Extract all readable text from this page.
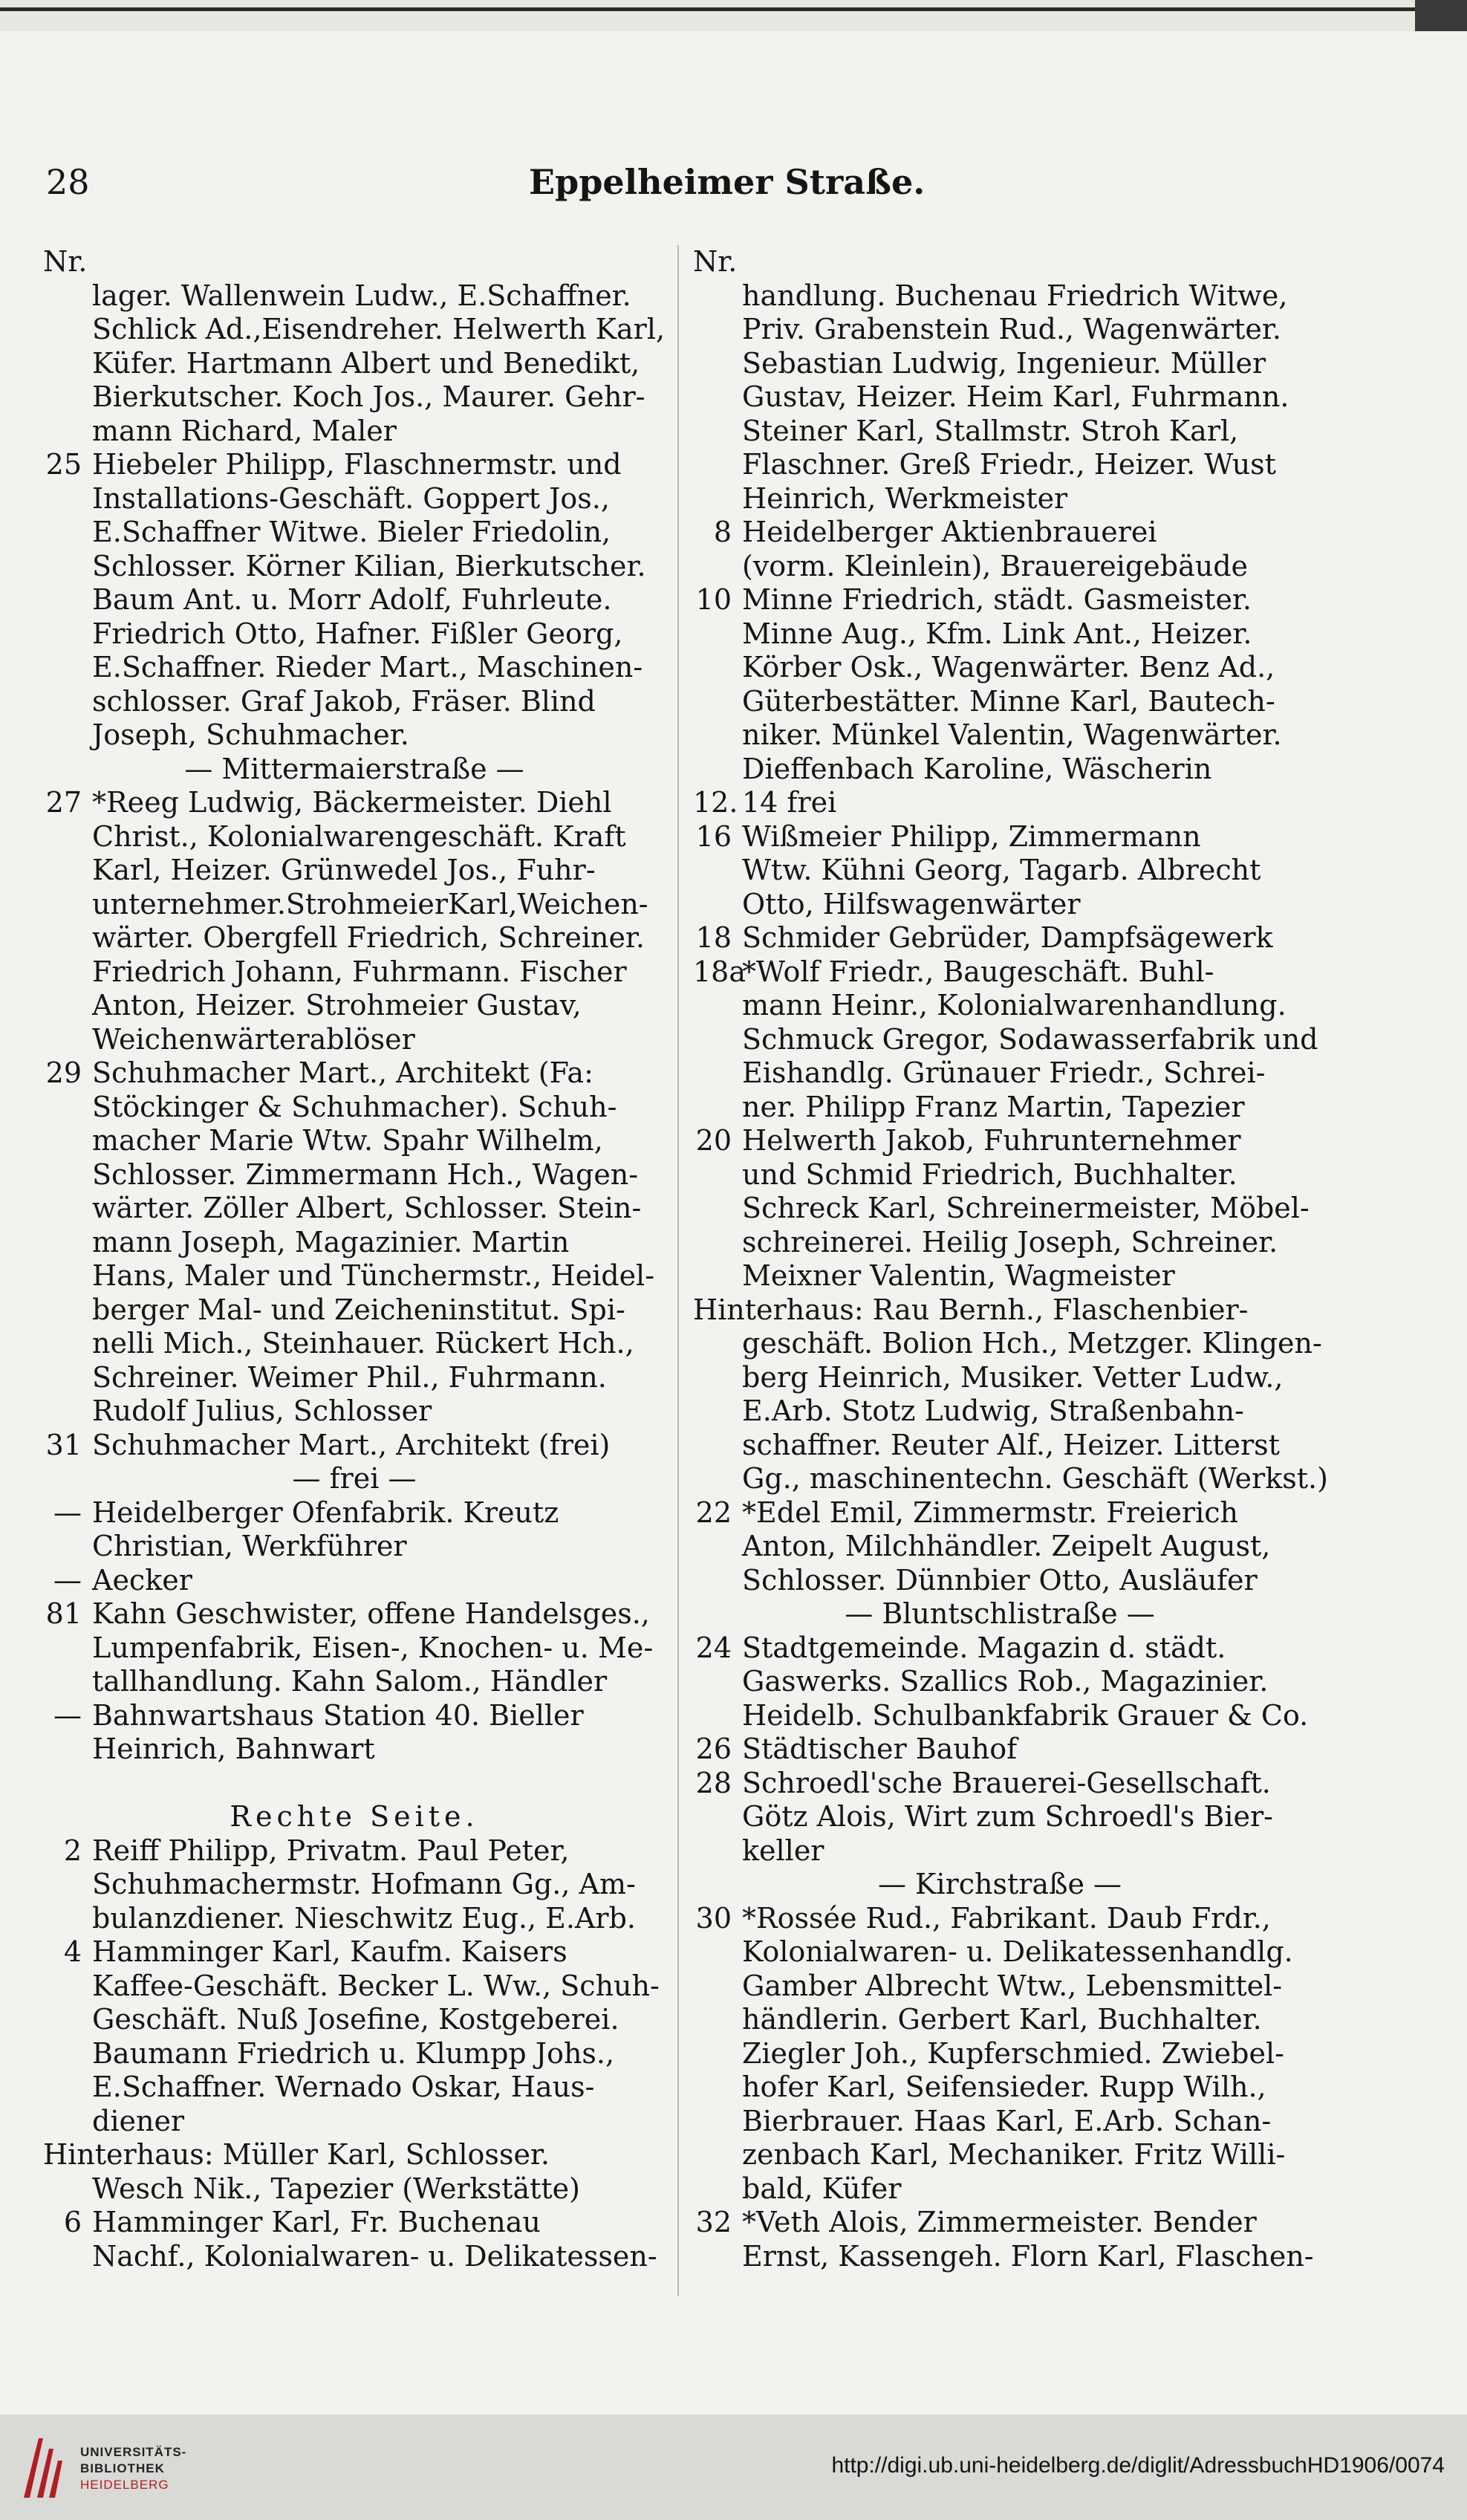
28	Eppelheimer Straße.
Nr.
lager. Wallenwein Ludw., E.Schaffner.
Schlick Ad.,Eisendreher. Helwerth Karl,
Küfer. Hartmann Albert und Benedikt,
Bierkutscher. Koch Jos., Maurer. Gehr-
mann Richard, Maler
25 Hiebeler Philipp, Flaschnermstr. und
Installations-Geschäft. Goppert Jos.,
E.Schaffner Witwe. Bieler Friedolin,
Schlosser. Körner Kilian, Bierkutscher.
Baum Ant. u. Morr Adolf, Fuhrleute.
Friedrich Otto, Hafner. Fißler Georg,
E.Schaffner. Rieder Mart., Maschinen-
schlosser. Graf Jakob, Fräser. Blind
Joseph, Schuhmacher.
— Mittermaierstraße —
27 *Reeg Ludwig, Bäckermeister. Diehl
Christ., Kolonialwarengeschäft. Kraft
Karl, Heizer. Grünwedel Jos., Fuhr-
unternehmer.StrohmeierKarl,Weichen-
wärter. Obergfell Friedrich, Schreiner.
Friedrich Johann, Fuhrmann. Fischer
Anton, Heizer. Strohmeier Gustav,
Weichenwärterablöser
29 Schuhmacher Mart., Architekt (Fa:
Stöckinger & Schuhmacher). Schuh-
macher Marie Wtw. Spahr Wilhelm,
Schlosser. Zimmermann Hch., Wagen-
wärter. Zöller Albert, Schlosser. Stein-
mann Joseph, Magazinier. Martin
Hans, Maler und Tünchermstr., Heidel-
berger Mal- und Zeicheninstitut. Spi-
nelli Mich., Steinhauer. Rückert Hch.,
Schreiner. Weimer Phil., Fuhrmann.
Rudolf Julius, Schlosser
31 Schuhmacher Mart., Architekt (frei)
— frei —
— Heidelberger Ofenfabrik. Kreutz
Christian, Werkführer
— Aecker
81 Kahn Geschwister, offene Handelsges.,
Lumpenfabrik, Eisen-, Knochen- u. Me-
tallhandlung. Kahn Salom., Händler
— Bahnwartshaus Station 40. Bieller
Heinrich, Bahnwart
Rechte Seite.
2 Reiff Philipp, Privatm. Paul Peter,
Schuhmachermstr. Hofmann Gg., Am-
bulanzdiener. Nieschwitz Eug., E.Arb.
4 Hamminger Karl, Kaufm. Kaisers
Kaffee-Geschäft. Becker L. Ww., Schuh-
Geschäft. Nuß Josefine, Kostgeberei.
Baumann Friedrich u. Klumpp Johs.,
E.Schaffner. Wernado Oskar, Haus-
diener
Hinterhaus: Müller Karl, Schlosser.
Wesch Nik., Tapezier (Werkstätte)
6 Hamminger Karl, Fr. Buchenau
Nachf., Kolonialwaren- u. Delikatessen-
Nr.
handlung. Buchenau Friedrich Witwe,
Priv. Grabenstein Rud., Wagenwärter.
Sebastian Ludwig, Ingenieur. Müller
Gustav, Heizer. Heim Karl, Fuhrmann.
Steiner Karl, Stallmstr. Stroh Karl,
Flaschner. Greß Friedr., Heizer. Wust
Heinrich, Werkmeister
8 Heidelberger Aktienbrauerei
(vorm. Kleinlein), Brauereigebäude
10 Minne Friedrich, städt. Gasmeister.
Minne Aug., Kfm. Link Ant., Heizer.
Körber Osk., Wagenwärter. Benz Ad.,
Güterbestätter. Minne Karl, Bautech-
niker. Münkel Valentin, Wagenwärter.
Dieffenbach Karoline, Wäscherin
12. 14 frei
16 Wißmeier Philipp, Zimmermann
Wtw. Kühni Georg, Tagarb. Albrecht
Otto, Hilfswagenwärter
18 Schmider Gebrüder, Dampfsägewerk
18a
*Wolf Friedr., Baugeschäft. Buhl-
mann Heinr., Kolonialwarenhandlung.
Schmuck Gregor, Sodawasserfabrik und
Eishandlg. Grünauer Friedr., Schrei-
ner. Philipp Franz Martin, Tapezier
20 Helwerth Jakob, Fuhrunternehmer
und Schmid Friedrich, Buchhalter.
Schreck Karl, Schreinermeister, Möbel-
schreinerei. Heilig Joseph, Schreiner.
Meixner Valentin, Wagmeister
Hinterhaus: Rau Bernh., Flaschenbier-
geschäft. Bolion Hch., Metzger. Klingen-
berg Heinrich, Musiker. Vetter Ludw.,
E.Arb. Stotz Ludwig, Straßenbahn-
schaffner. Reuter Alf., Heizer. Litterst
Gg., maschinentechn. Geschäft (Werkst.)
22 *Edel Emil, Zimmermstr. Freierich
Anton, Milchhändler. Zeipelt August,
Schlosser. Dünnbier Otto, Ausläufer
— Bluntschlistraße —
24 Stadtgemeinde. Magazin d. städt.
Gaswerks. Szallics Rob., Magazinier.
Heidelb. Schulbankfabrik Grauer & Co.
26 Städtischer Bauhof
28 Schroedl'sche Brauerei-Gesellschaft.
Götz Alois, Wirt zum Schroedl's Bier-
keller
— Kirchstraße —
30 *Rossée Rud., Fabrikant. Daub Frdr.,
Kolonialwaren- u. Delikatessenhandlg.
Gamber Albrecht Wtw., Lebensmittel-
händlerin. Gerbert Karl, Buchhalter.
Ziegler Joh., Kupferschmied. Zwiebel-
hofer Karl, Seifensieder. Rupp Wilh.,
Bierbrauer. Haas Karl, E.Arb. Schan-
zenbach Karl, Mechaniker. Fritz Willi-
bald, Küfer
32 *Veth Alois, Zimmermeister. Bender
Ernst, Kassengeh. Florn Karl, Flaschen-
UNIVERSITÄTS-
BIBLIOTHEK
HEIDELBERG
http://digi.ub.uni-heidelberg.de/diglit/AdressbuchHD1906/0074
